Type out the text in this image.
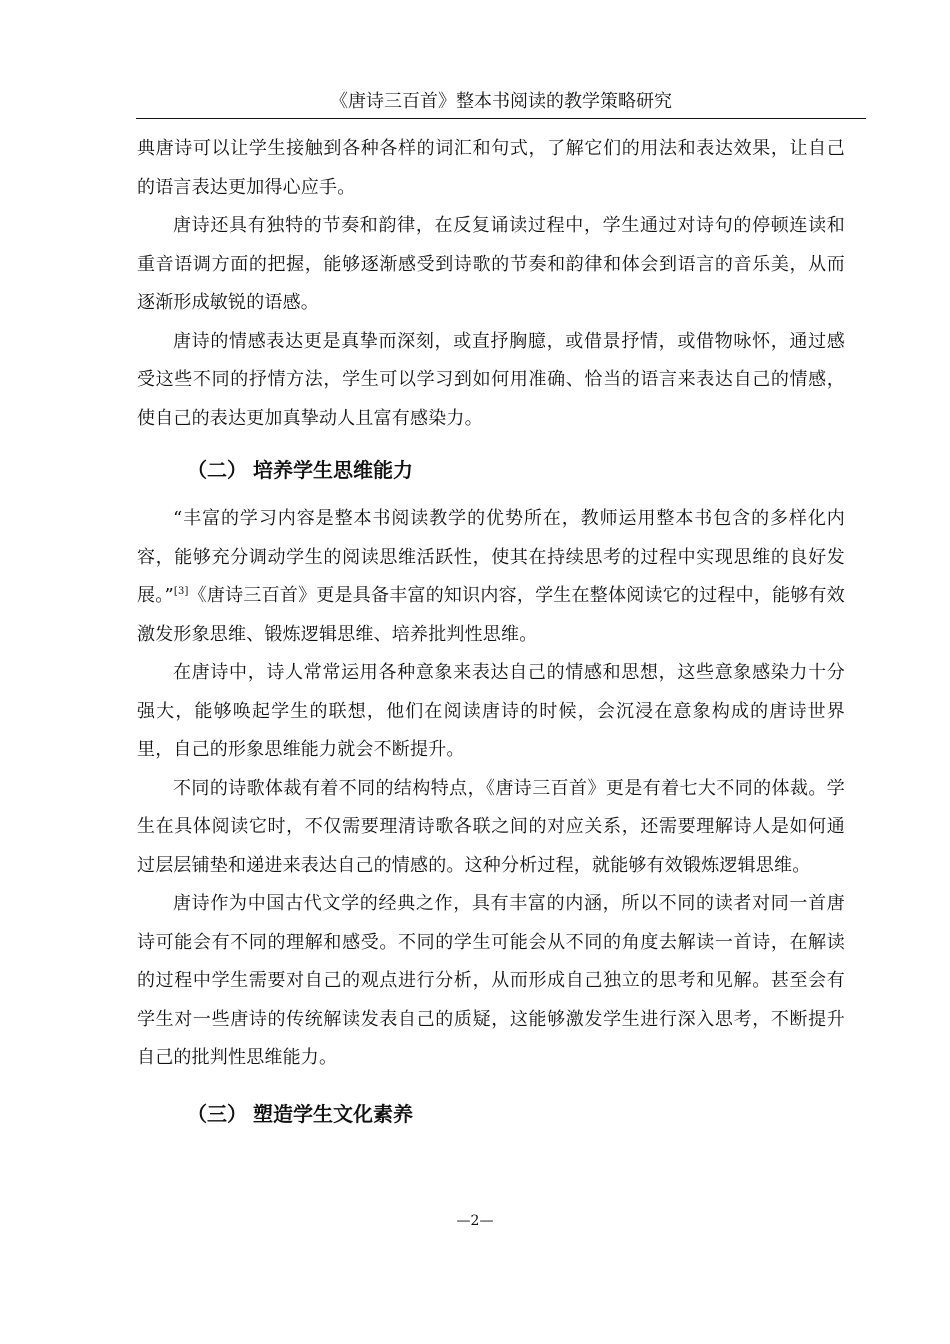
《唐诗三百首》整本书阅读的教学策略研究

典唐诗可以让学生接触到各种各样的词汇和句式，了解它们的用法和表达效果，让自己的语言表达更加得心应手。

唐诗还具有独特的节奏和韵律，在反复诵读过程中，学生通过对诗句的停顿连读和重音语调方面的把握，能够逐渐感受到诗歌的节奏和韵律和体会到语言的音乐美，从而逐渐形成敏锐的语感。

唐诗的情感表达更是真挚而深刻，或直抒胸臆，或借景抒情，或借物咏怀，通过感受这些不同的抒情方法，学生可以学习到如何用准确、恰当的语言来表达自己的情感，使自己的表达更加真挚动人且富有感染力。

（二） 培养学生思维能力

“丰富的学习内容是整本书阅读教学的优势所在，教师运用整本书包含的多样化内容，能够充分调动学生的阅读思维活跃性，使其在持续思考的过程中实现思维的良好发展。”[3]《唐诗三百首》更是具备丰富的知识内容，学生在整体阅读它的过程中，能够有效激发形象思维、锻炼逻辑思维、培养批判性思维。

在唐诗中，诗人常常运用各种意象来表达自己的情感和思想，这些意象感染力十分强大，能够唤起学生的联想，他们在阅读唐诗的时候，会沉浸在意象构成的唐诗世界里，自己的形象思维能力就会不断提升。

不同的诗歌体裁有着不同的结构特点，《唐诗三百首》更是有着七大不同的体裁。学生在具体阅读它时，不仅需要理清诗歌各联之间的对应关系，还需要理解诗人是如何通过层层铺垫和递进来表达自己的情感的。这种分析过程，就能够有效锻炼逻辑思维。

唐诗作为中国古代文学的经典之作，具有丰富的内涵，所以不同的读者对同一首唐诗可能会有不同的理解和感受。不同的学生可能会从不同的角度去解读一首诗，在解读的过程中学生需要对自己的观点进行分析，从而形成自己独立的思考和见解。甚至会有学生对一些唐诗的传统解读发表自己的质疑，这能够激发学生进行深入思考，不断提升自己的批判性思维能力。

（三） 塑造学生文化素养
—2—
